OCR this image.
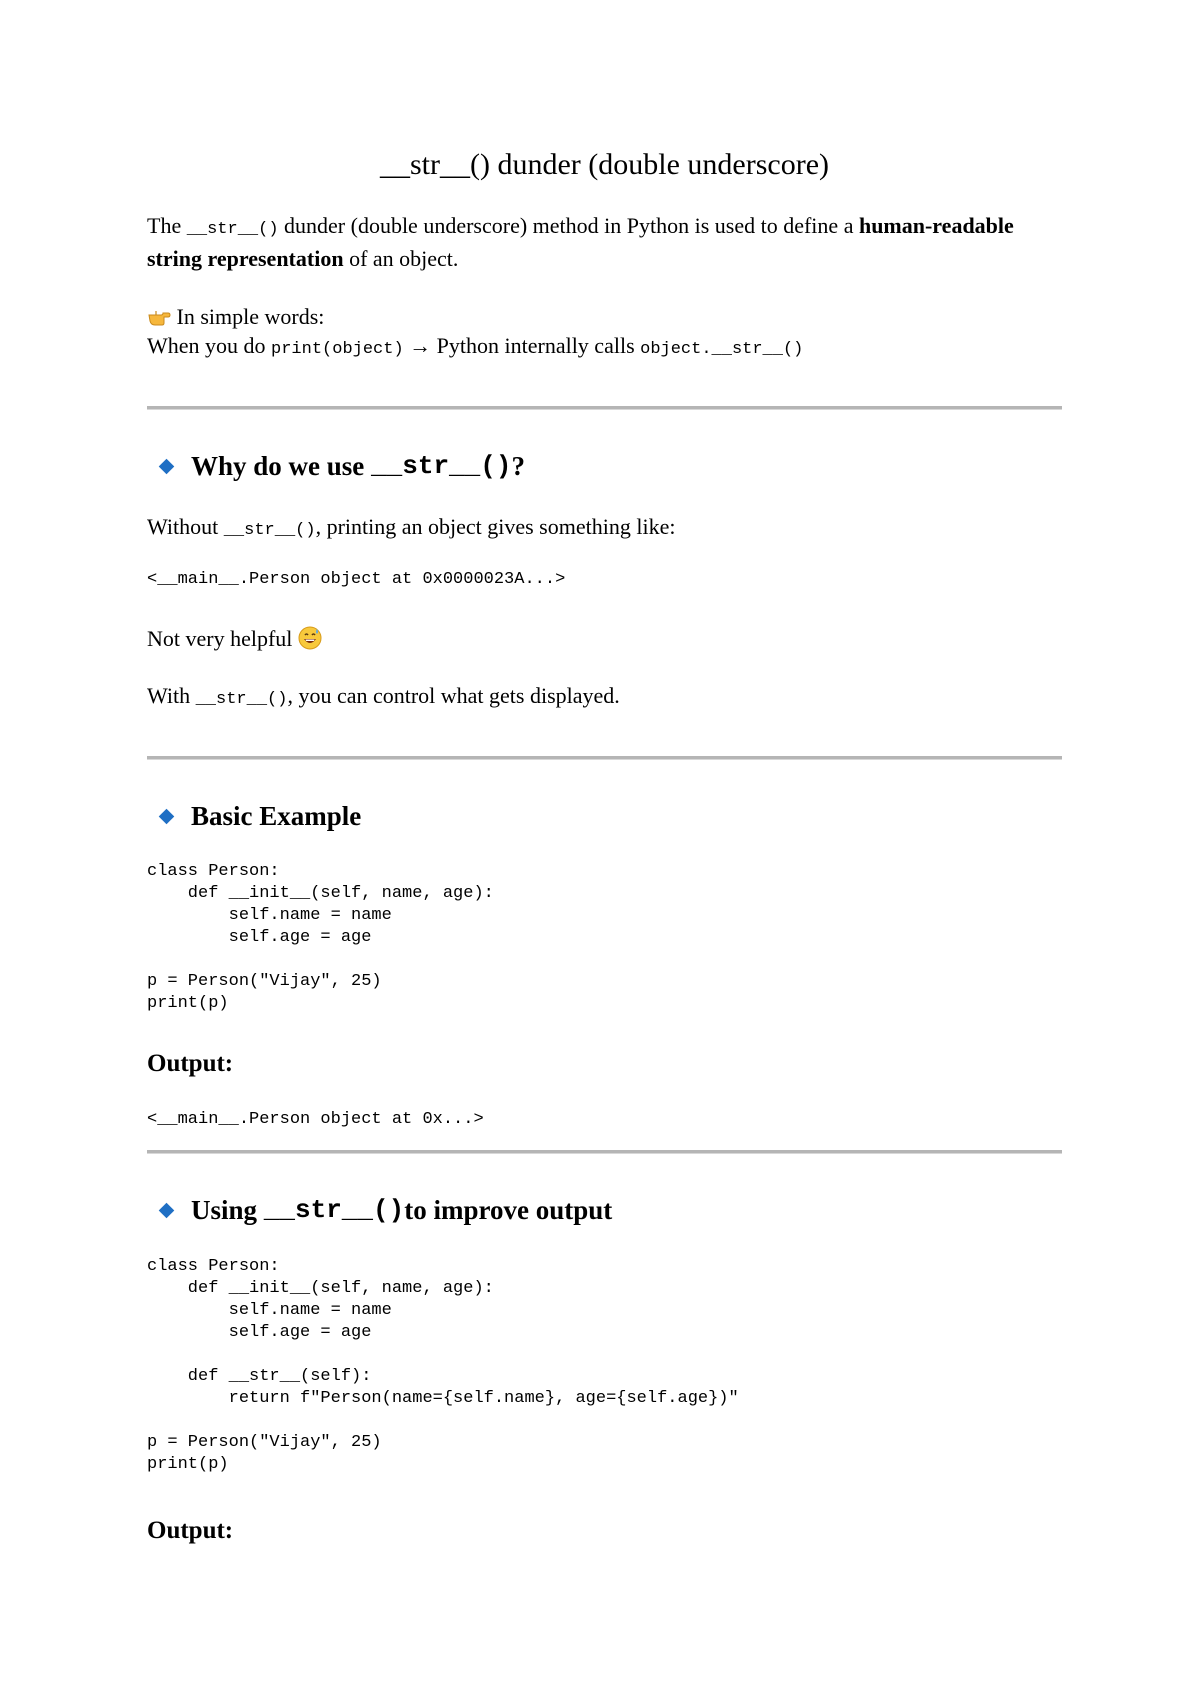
__str__() dunder (double underscore)
The __str__() dunder (double underscore) method in Python is used to define a human-readable string representation of an object.
In simple words:
When you do print(object) → Python internally calls object.__str__()
Why do we use
__str__() ?
Without __str__(), printing an object gives something like:
<__main__.Person object at 0x0000023A...>
Not very helpful
With __str__(), you can control what gets displayed.
Basic Example
class Person:
def __init__(self, name, age):
self.name = name
self.age = age

p = Person("Vijay", 25)
print(p)
Output:
<__main__.Person object at 0x...>
Using
__str__() to improve output
class Person:
def __init__(self, name, age):
self.name = name
self.age = age

def __str__(self):
return f"Person(name={self.name}, age={self.age})"

p = Person("Vijay", 25)
print(p)
Output:
